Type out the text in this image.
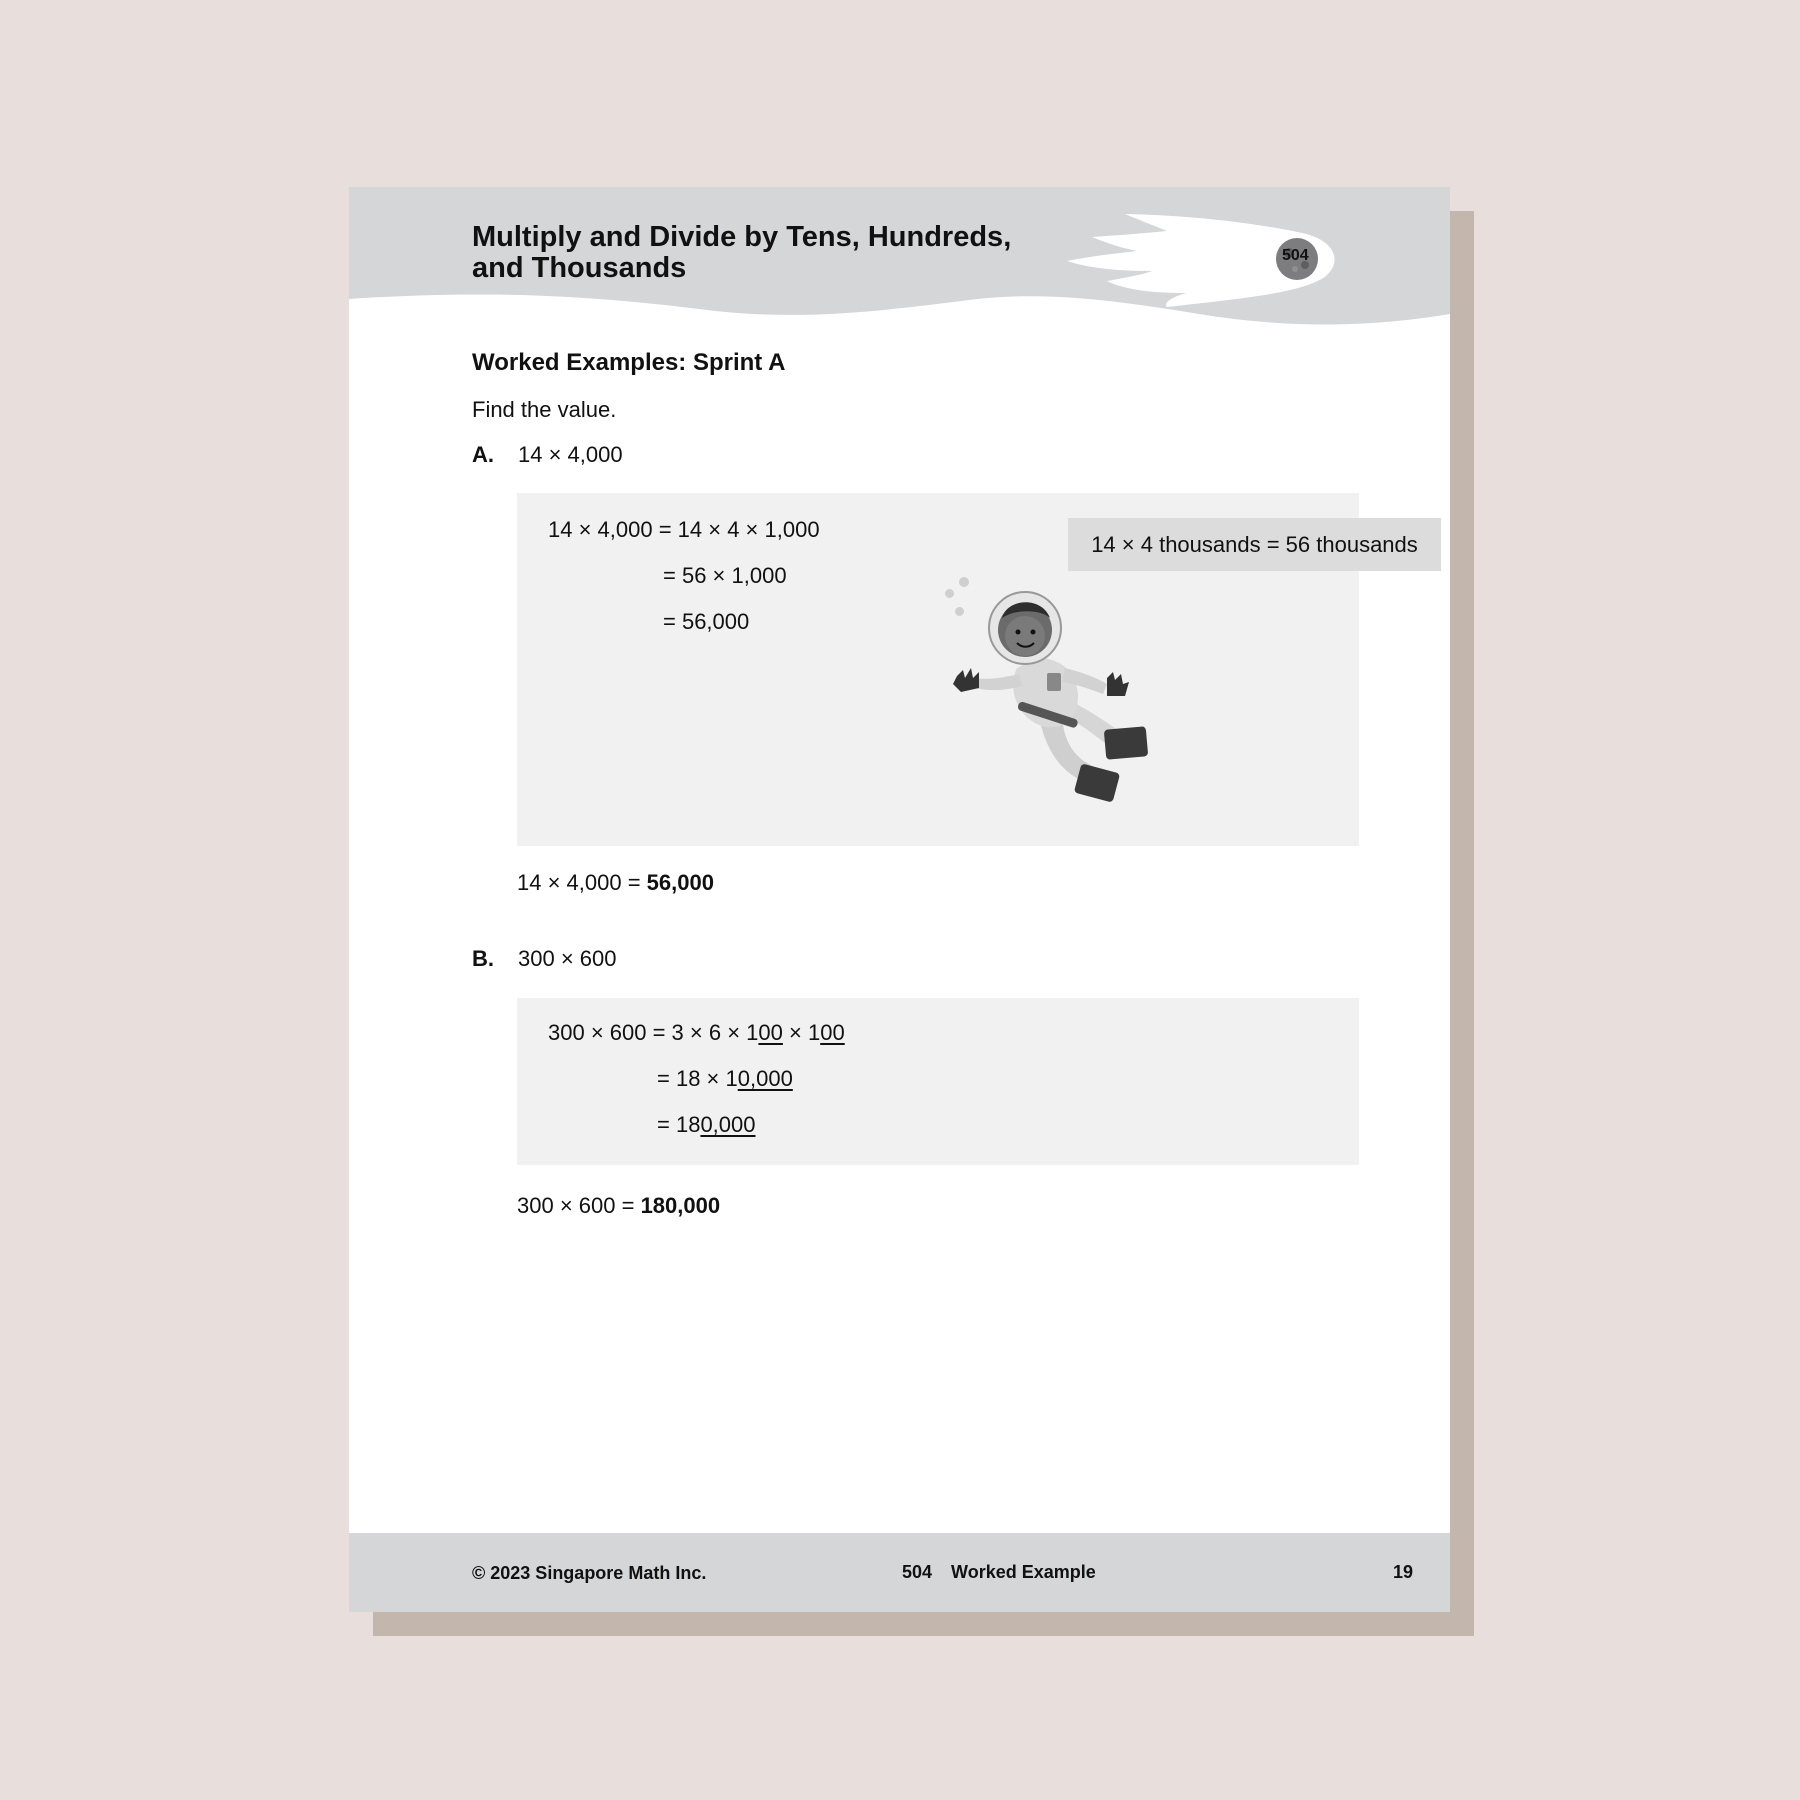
Multiply and Divide by Tens, Hundreds,
and Thousands	504
Worked Examples: Sprint A
Find the value.
A. 14 × 4,000
14 × 4,000 = 14 × 4 × 1,000
= 56 × 1,000
= 56,000
14 × 4 thousands = 56 thousands
14 × 4,000 = 56,000
B. 300 × 600
300 × 600 = 3 × 6 × 100 × 100
= 18 × 10,000
= 180,000
300 × 600 = 180,000
© 2023 Singapore Math Inc.	504 Worked Example	19
